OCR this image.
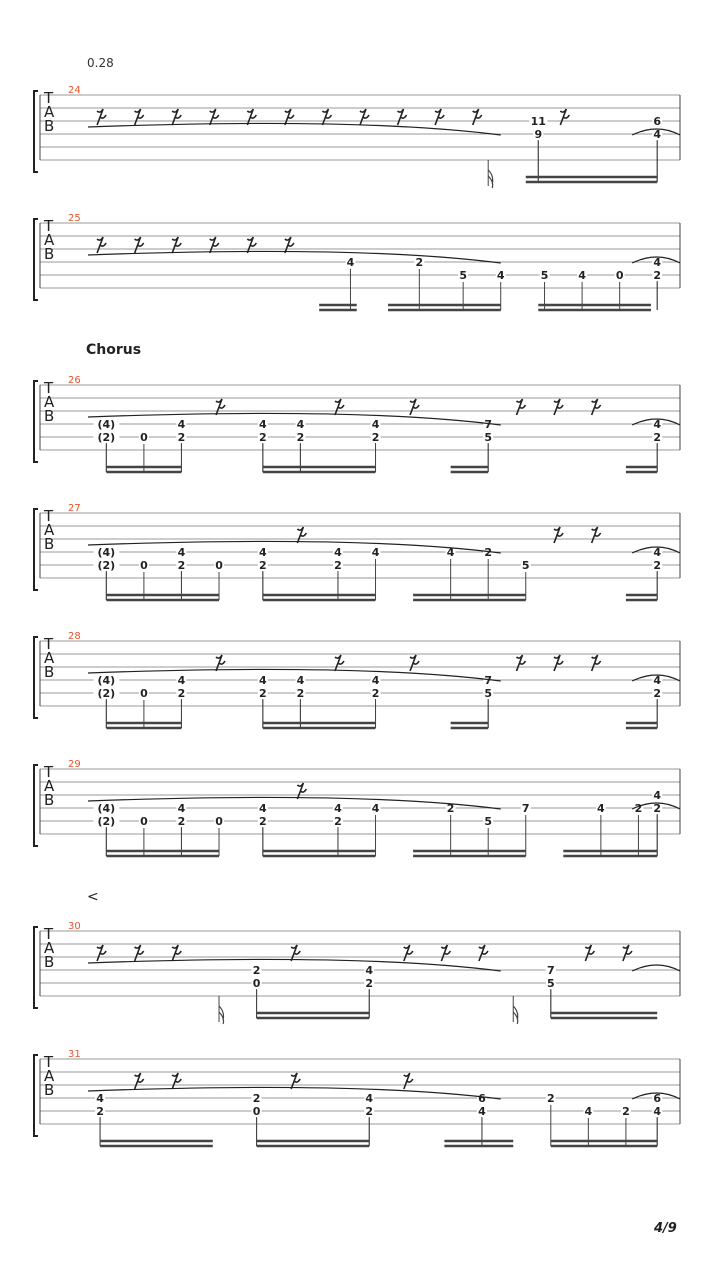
0.28
Chorus
<
4/9
24
T
A
B	11
9
6
4
25
T
A
B	4	2
5	4	5	4	0
4
2
26
T
A
B	(4)
(2) 0
4
2
4
2
4
2
4
2
7
5
4
2
27
T
A
B	(4)
(2) 0
4
2	0
4
2
4
2
4	4	2
5
4
2
28
T
A
B	(4)
(2) 0
4
2
4
2
4
2
4
2
7
5
4
2
29
T
A
B	(4)
(2) 0
4
2	0
4
2
4
2
4	2
5
7	4	2
4
2
30
T
A
B	2
0
4
2
7
5
31
T
A
B	4
2
2
0
4
2
6
4
2
4	2
6
4
